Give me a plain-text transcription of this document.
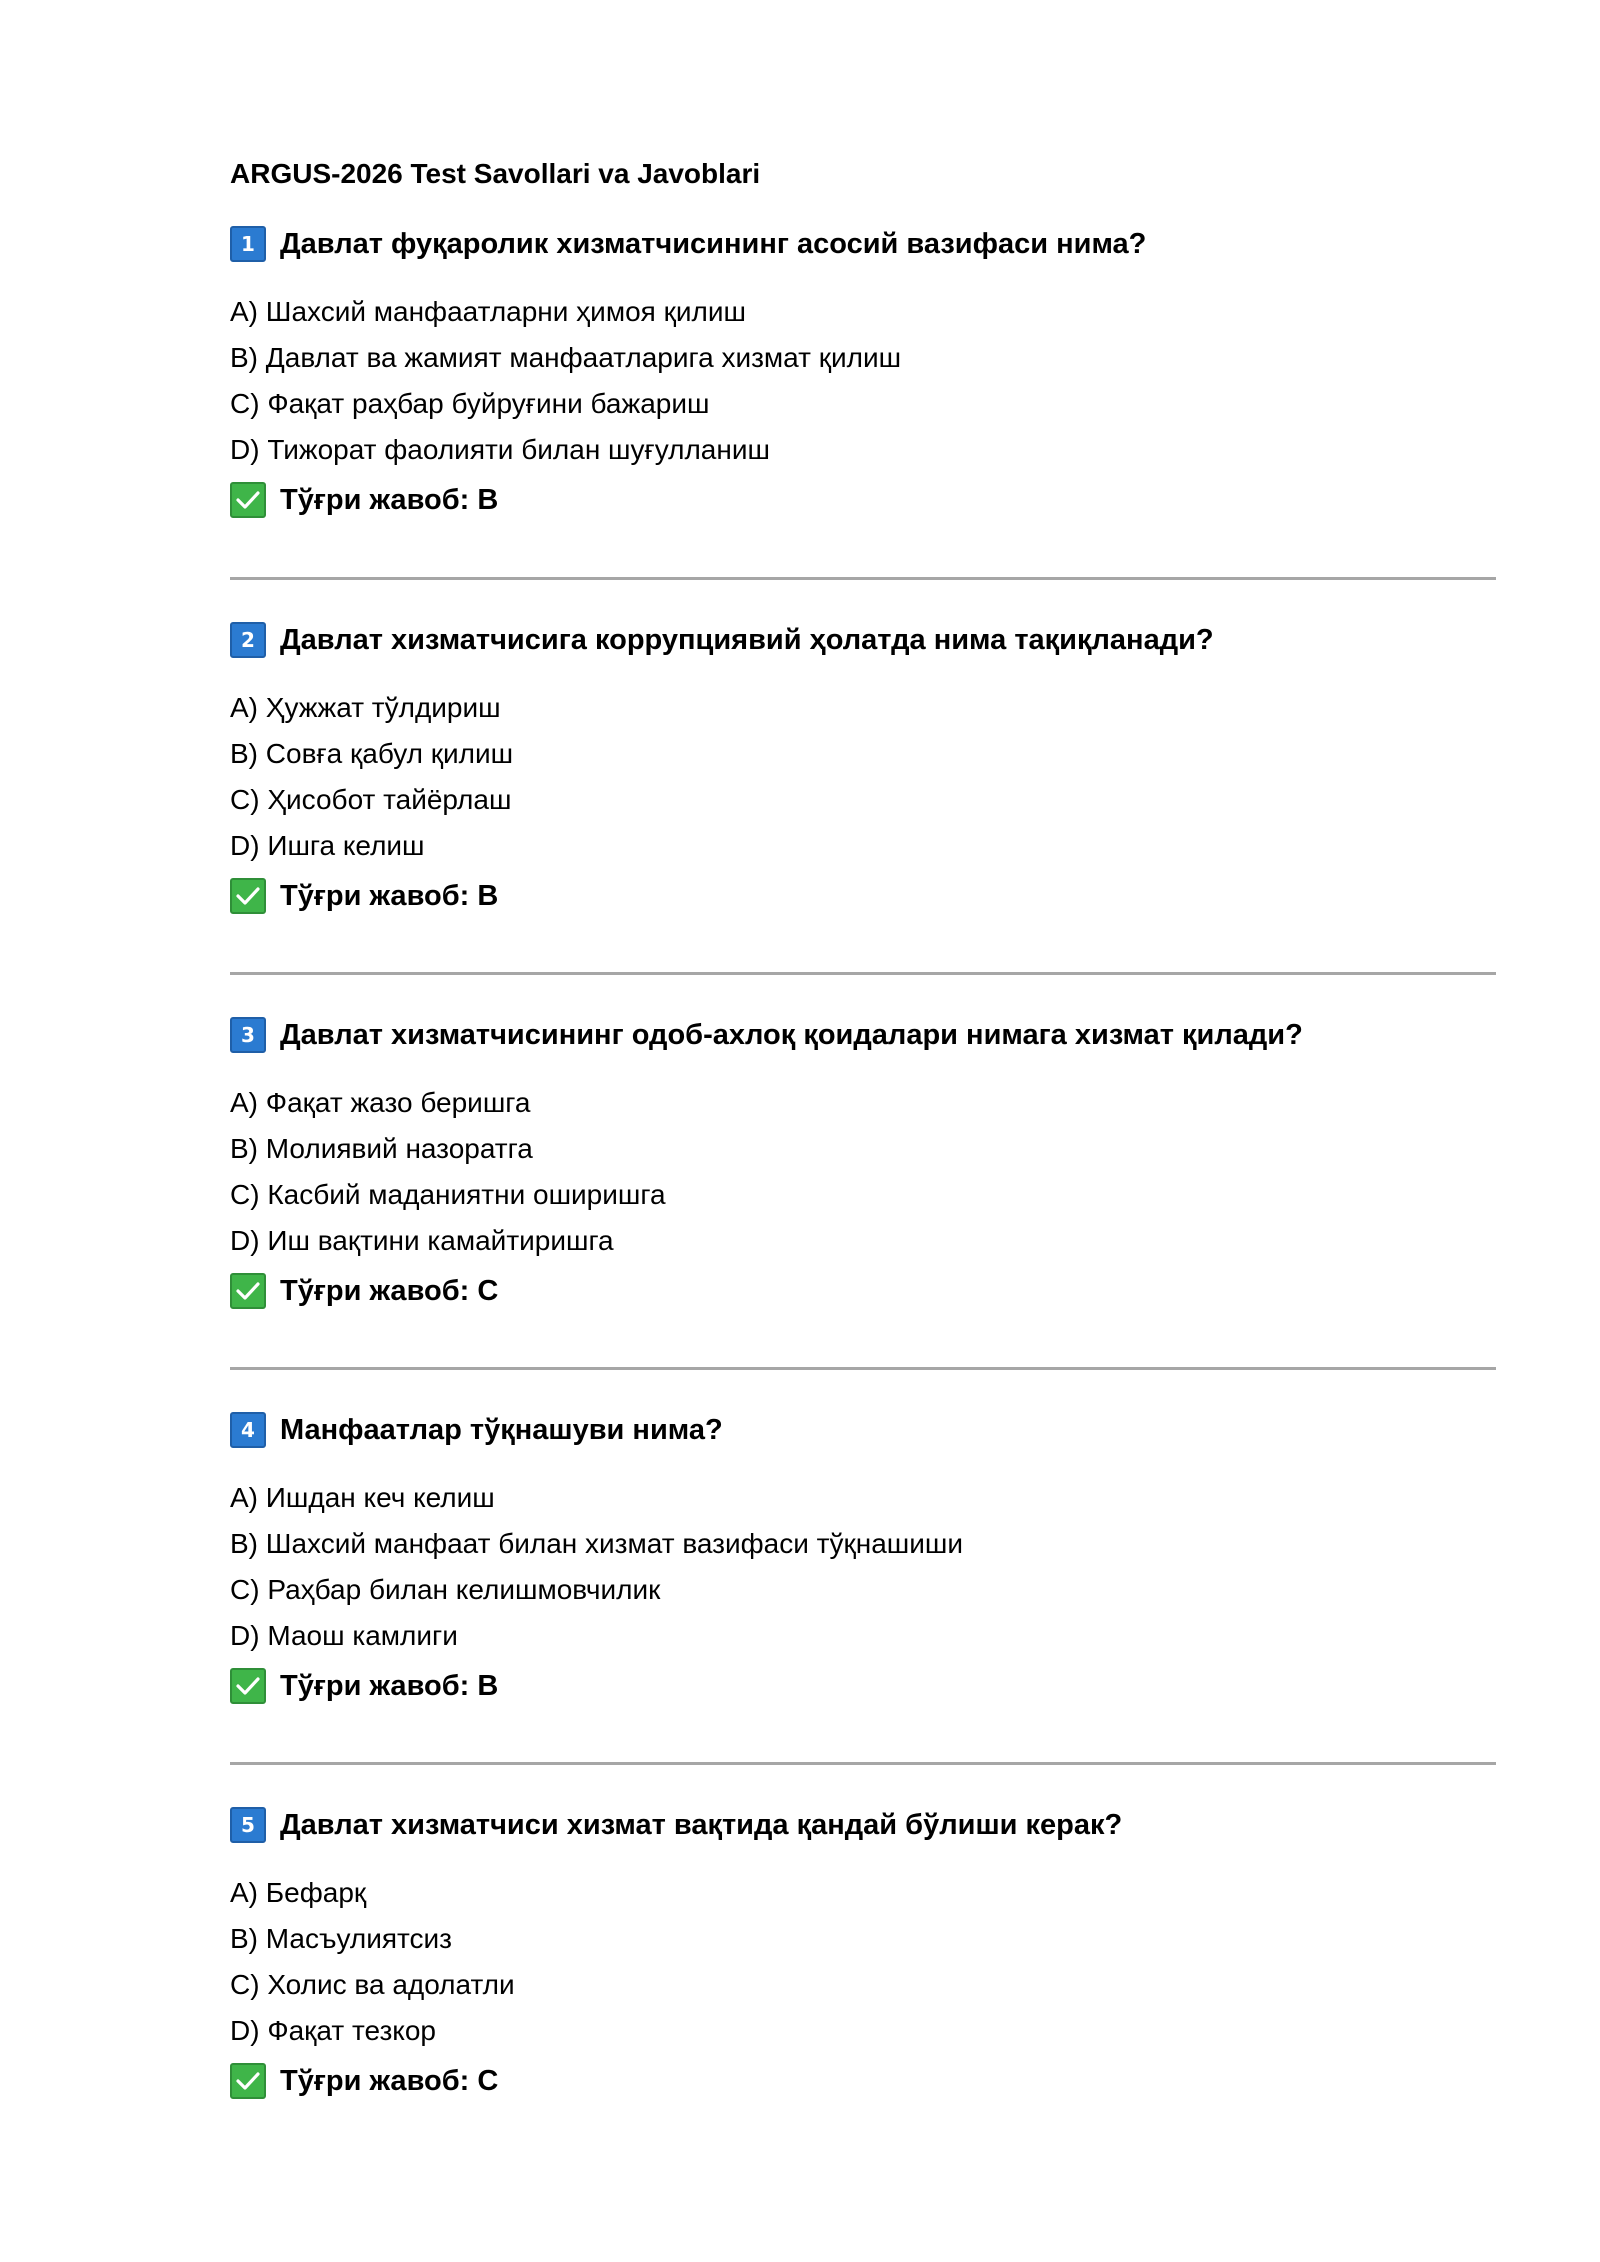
ARGUS-2026 Test Savollari va Javoblari
1 Давлат фуқаролик хизматчисининг асосий вазифаси нима?
A) Шахсий манфаатларни ҳимоя қилиш
B) Давлат ва жамият манфаатларига хизмат қилиш
C) Фақат раҳбар буйруғини бажариш
D) Тижорат фаолияти билан шуғулланиш
Тўғри жавоб: B
2 Давлат хизматчисига коррупциявий ҳолатда нима тақиқланади?
A) Ҳужжат тўлдириш
B) Совға қабул қилиш
C) Ҳисобот тайёрлаш
D) Ишга келиш
Тўғри жавоб: B
3 Давлат хизматчисининг одоб-ахлоқ қоидалари нимага хизмат қилади?
A) Фақат жазо беришга
B) Молиявий назоратга
C) Касбий маданиятни оширишга
D) Иш вақтини камайтиришга
Тўғри жавоб: C
4 Манфаатлар тўқнашуви нима?
A) Ишдан кеч келиш
B) Шахсий манфаат билан хизмат вазифаси тўқнашиши
C) Раҳбар билан келишмовчилик
D) Маош камлиги
Тўғри жавоб: B
5 Давлат хизматчиси хизмат вақтида қандай бўлиши керак?
A) Бефарқ
B) Масъулиятсиз
C) Холис ва адолатли
D) Фақат тезкор
Тўғри жавоб: C
